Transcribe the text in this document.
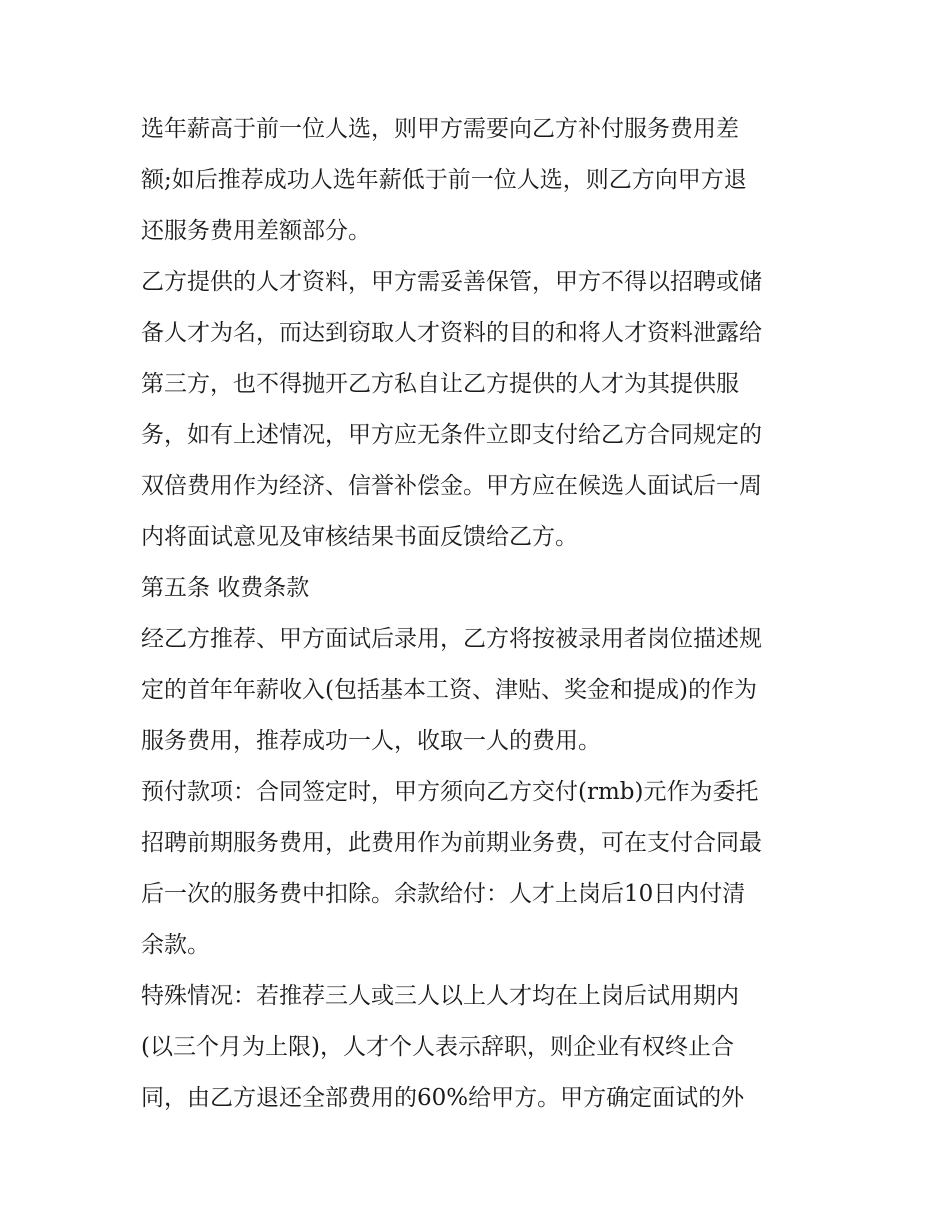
选年薪高于前一位人选，则甲方需要向乙方补付服务费用差

额;如后推荐成功人选年薪低于前一位人选，则乙方向甲方退

还服务费用差额部分。

乙方提供的人才资料，甲方需妥善保管，甲方不得以招聘或储

备人才为名，而达到窃取人才资料的目的和将人才资料泄露给

第三方，也不得抛开乙方私自让乙方提供的人才为其提供服

务，如有上述情况，甲方应无条件立即支付给乙方合同规定的

双倍费用作为经济、信誉补偿金。甲方应在候选人面试后一周

内将面试意见及审核结果书面反馈给乙方。

第五条 收费条款

经乙方推荐、甲方面试后录用，乙方将按被录用者岗位描述规

定的首年年薪收入(包括基本工资、津贴、奖金和提成)的作为

服务费用，推荐成功一人，收取一人的费用。

预付款项：合同签定时，甲方须向乙方交付(rmb)元作为委托

招聘前期服务费用，此费用作为前期业务费，可在支付合同最

后一次的服务费中扣除。余款给付：人才上岗后10日内付清

余款。

特殊情况：若推荐三人或三人以上人才均在上岗后试用期内

(以三个月为上限)，人才个人表示辞职，则企业有权终止合

同，由乙方退还全部费用的60%给甲方。甲方确定面试的外
